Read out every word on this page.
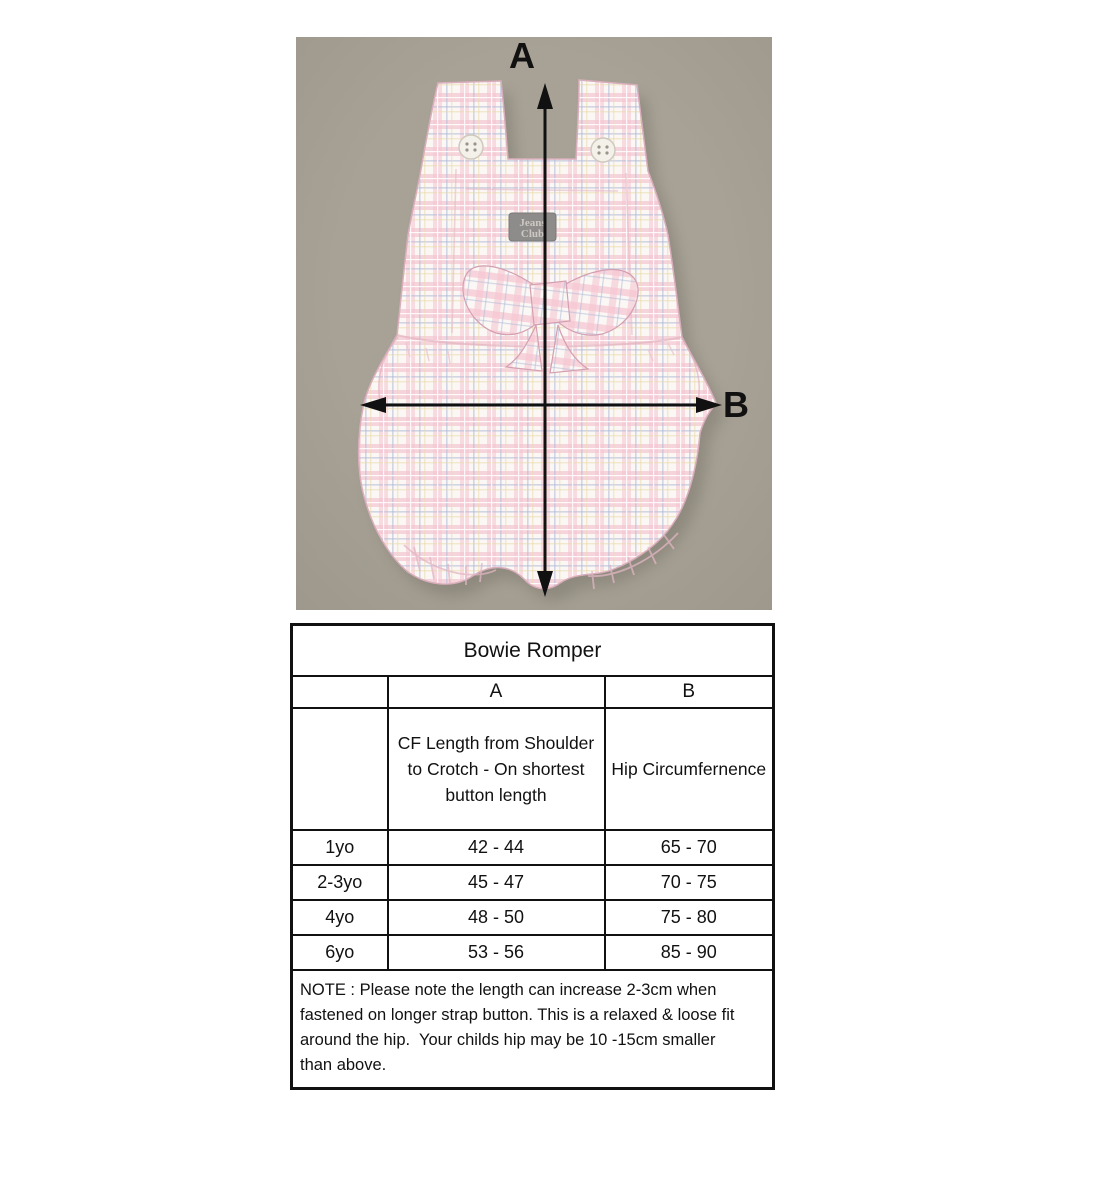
Jeans
Club
A
B
Bowie Romper		
	A	B

	CF Length from Shoulder
to Crotch - On shortest
button length	Hip Circumfernence
1yo	42 - 44	65 - 70
2-3yo	45 - 47	70 - 75
4yo	48 - 50	75 - 80
6yo	53 - 56	85 - 90

NOTE : Please note the length can increase 2-3cm when
fastened on longer strap button. This is a relaxed & loose fit
around the hip.  Your childs hip may be 10 -15cm smaller
than above.		
